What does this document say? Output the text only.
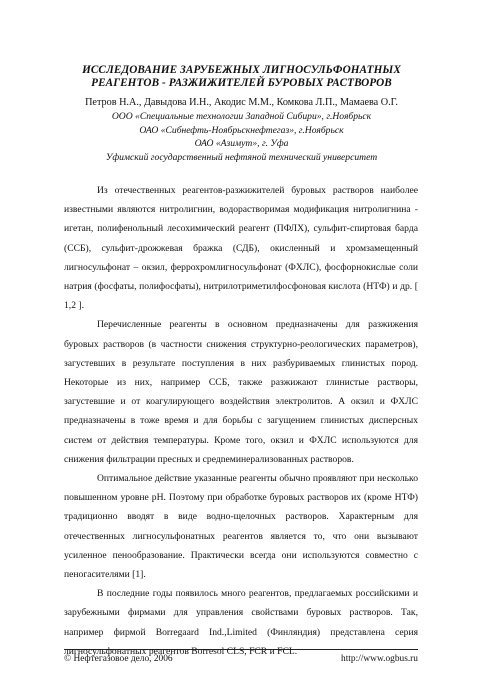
ИССЛЕДОВАНИЕ ЗАРУБЕЖНЫХ ЛИГНОСУЛЬФОНАТНЫХ
РЕАГЕНТОВ - РАЗЖИЖИТЕЛЕЙ БУРОВЫХ РАСТВОРОВ
Петров Н.А., Давыдова И.Н., Акодис М.М., Комкова Л.П., Мамаева О.Г.
ООО «Специальные технологии Западной Сибири», г.Ноябрьск
ОАО «Сибнефть-Ноябрьскнефтегаз», г.Ноябрьск
ОАО «Азимут», г. Уфа
Уфимский государственный нефтяной технический университет

Из отечественных реагентов-разжижителей буровых растворов наиболее известными являются нитролигнин, водорастворимая модификация нитролигнина - игетан, полифенольный лесохимический реагент (ПФЛХ), сульфит-спиртовая барда (ССБ), сульфит-дрожжевая бражка (СДБ), окисленный и хромзамещенный лигносульфонат – окзил, феррохромлигносульфонат (ФХЛС), фосфорнокислые соли натрия (фосфаты, полифосфаты), нитрилотриметилфосфоновая кислота (НТФ) и др. [ 1,2 ].

Перечисленные реагенты в основном предназначены для разжижения буровых растворов (в частности снижения структурно-реологических параметров), загустевших в результате поступления в них разбуриваемых глинистых пород. Некоторые из них, например ССБ, также разжижают глинистые растворы, загустевшие и от коагулирующего воздействия электролитов. А окзил и ФХЛС предназначены в тоже время и для борьбы с загущением глинистых дисперсных систем от действия температуры. Кроме того, окзил и ФХЛС используются для снижения фильтрации пресных и средneминерализованных растворов.

Оптимальное действие указанные реагенты обычно проявляют при несколько повышенном уровне рН. Поэтому при обработке буровых растворов их (кроме НТФ) традиционно вводят в виде водно-щелочных растворов. Характерным для отечественных лигносульфонатных реагентов является то, что они вызывают усиленное пенообразование. Практически всегда они используются совместно с пеногасителями [1].

В последние годы появилось много реагентов, предлагаемых российскими и зарубежными фирмами для управления свойствами буровых растворов. Так, например фирмой Borregaard Ind.,Limited (Финляндия) представлена серия лигносульфонатных реагентов Borresol CLS, FCR и FCL.

© Нефтегазовое дело, 2006	http://www.ogbus.ru
